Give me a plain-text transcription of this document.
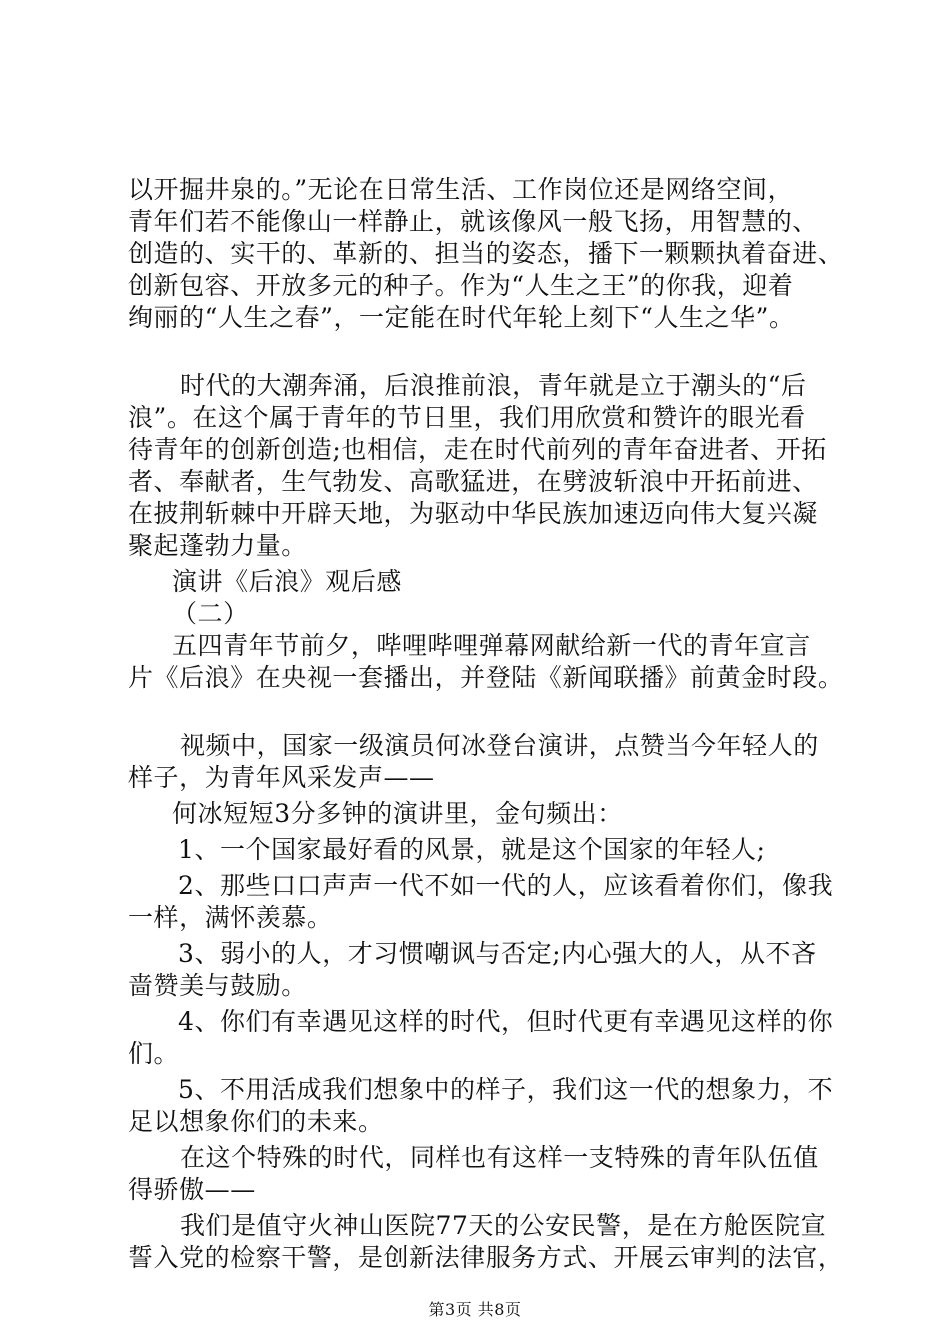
以开掘井泉的。”无论在日常生活、工作岗位还是网络空间，

青年们若不能像山一样静止，就该像风一般飞扬，用智慧的、

创造的、实干的、革新的、担当的姿态，播下一颗颗执着奋进、

创新包容、开放多元的种子。作为“人生之王”的你我，迎着

绚丽的“人生之春”，一定能在时代年轮上刻下“人生之华”。

时代的大潮奔涌，后浪推前浪，青年就是立于潮头的“后

浪”。在这个属于青年的节日里，我们用欣赏和赞许的眼光看

待青年的创新创造;也相信，走在时代前列的青年奋进者、开拓

者、奉献者，生气勃发、高歌猛进，在劈波斩浪中开拓前进、

在披荆斩棘中开辟天地，为驱动中华民族加速迈向伟大复兴凝

聚起蓬勃力量。

演讲《后浪》观后感

（二）

五四青年节前夕，哔哩哔哩弹幕网献给新一代的青年宣言

片《后浪》在央视一套播出，并登陆《新闻联播》前黄金时段。

视频中，国家一级演员何冰登台演讲，点赞当今年轻人的

样子，为青年风采发声——

何冰短短3分多钟的演讲里，金句频出：

1、一个国家最好看的风景，就是这个国家的年轻人;

2、那些口口声声一代不如一代的人，应该看着你们，像我

一样，满怀羡慕。

3、弱小的人，才习惯嘲讽与否定;内心强大的人，从不吝

啬赞美与鼓励。

4、你们有幸遇见这样的时代，但时代更有幸遇见这样的你

们。

5、不用活成我们想象中的样子，我们这一代的想象力，不

足以想象你们的未来。

在这个特殊的时代，同样也有这样一支特殊的青年队伍值

得骄傲——

我们是值守火神山医院77天的公安民警，是在方舱医院宣

誓入党的检察干警，是创新法律服务方式、开展云审判的法官，

第3页 共8页
